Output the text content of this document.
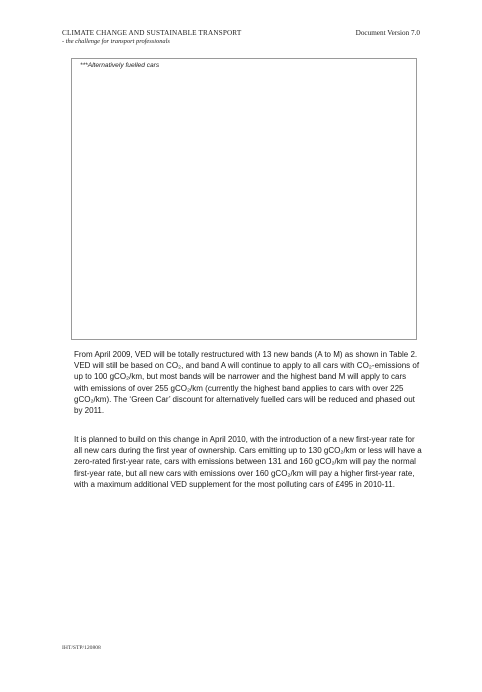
CLIMATE CHANGE AND SUSTAINABLE TRANSPORT
- the challenge for transport professionals
Document Version 7.0
***Alternatively fuelled cars

From April 2009, VED will be totally restructured with 13 new bands (A to M) as shown in Table 2. VED will still be based on CO₂, and band A will continue to apply to all cars with CO₂-emissions of up to 100 gCO₂/km, but most bands will be narrower and the highest band M will apply to cars with emissions of over 255 gCO₂/km (currently the highest band applies to cars with over 225 gCO₂/km). The ‘Green Car’ discount for alternatively fuelled cars will be reduced and phased out by 2011.

It is planned to build on this change in April 2010, with the introduction of a new first-year rate for all new cars during the first year of ownership. Cars emitting up to 130 gCO₂/km or less will have a zero-rated first-year rate, cars with emissions between 131 and 160 gCO₂/km will pay the normal first-year rate, but all new cars with emissions over 160 gCO₂/km will pay a higher first-year rate, with a maximum additional VED supplement for the most polluting cars of £495 in 2010-11.

IHT/STP/120808
